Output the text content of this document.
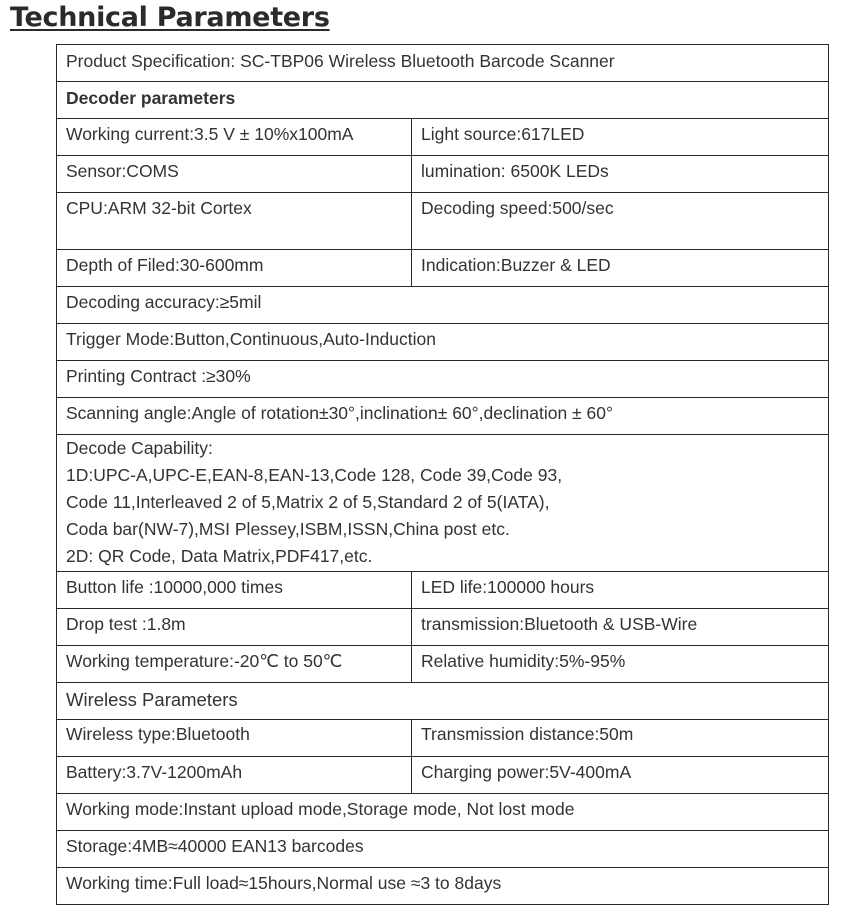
Technical Parameters
Product Specification: SC-TBP06 Wireless Bluetooth Barcode Scanner	
Decoder parameters	
Working current:3.5 V ± 10%x100mA	Light source:617LED
Sensor:COMS	lumination: 6500K LEDs
CPU:ARM 32-bit Cortex	Decoding speed:500/sec
Depth of Filed:30-600mm	Indication:Buzzer & LED
Decoding accuracy:≥5mil	
Trigger Mode:Button,Continuous,Auto-Induction	
Printing Contract :≥30%	
Scanning angle:Angle of rotation±30°,inclination± 60°,declination ± 60°	

Decode Capability:
1D:UPC-A,UPC-E,EAN-8,EAN-13,Code 128, Code 39,Code 93,
Code 11,Interleaved 2 of 5,Matrix 2 of 5,Standard 2 of 5(IATA),
Coda bar(NW-7),MSI Plessey,ISBM,ISSN,China post etc.
2D: QR Code, Data Matrix,PDF417,etc.	

Button life :10000,000 times	LED life:100000 hours
Drop test :1.8m	transmission:Bluetooth & USB-Wire
Working temperature:-20℃ to 50℃	Relative humidity:5%-95%
Wireless Parameters	
Wireless type:Bluetooth	Transmission distance:50m
Battery:3.7V-1200mAh	Charging power:5V-400mA
Working mode:Instant upload mode,Storage mode, Not lost mode	
Storage:4MB≈40000 EAN13 barcodes	
Working time:Full load≈15hours,Normal use ≈3 to 8days	
